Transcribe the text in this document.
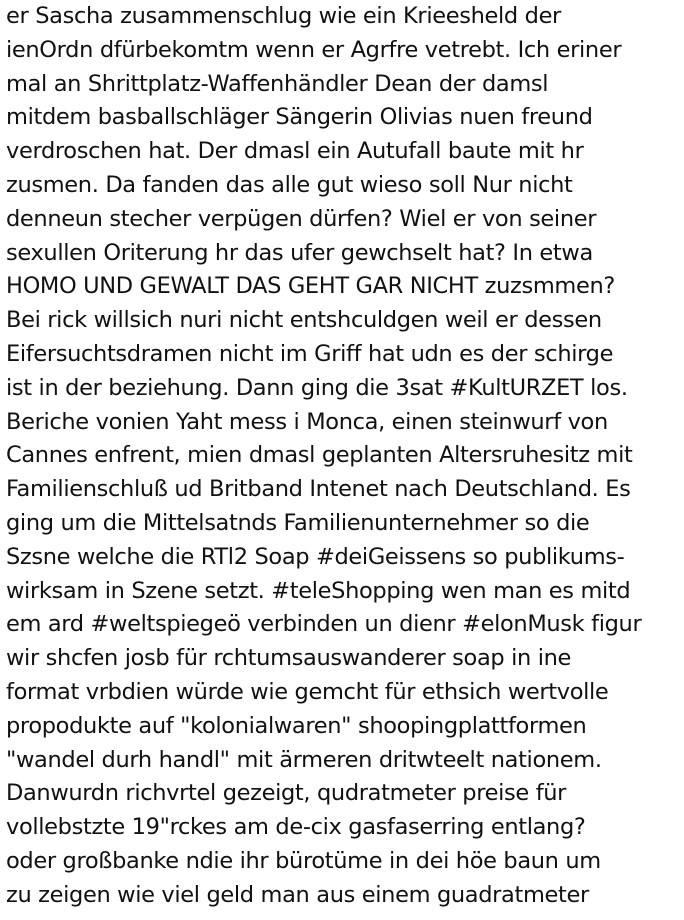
er Sascha zusammenschlug wie ein Krieesheld der
ienOrdn dfürbekomtm wenn er Agrfre vetrebt. Ich eriner
mal an Shrittplatz-Waffenhändler Dean der damsl
mitdem basballschläger Sängerin Olivias nuen freund
verdroschen hat. Der dmasl ein Autufall baute mit hr
zusmen. Da fanden das alle gut wieso soll Nur nicht
denneun stecher verpügen dürfen? Wiel er von seiner
sexullen Oriterung hr das ufer gewchselt hat? In etwa
HOMO UND GEWALT DAS GEHT GAR NICHT zuzsmmen?
Bei rick willsich nuri nicht entshculdgen weil er dessen
Eifersuchtsdramen nicht im Griff hat udn es der schirge
ist in der beziehung. Dann ging die 3sat #KultURZET los.
Beriche vonien Yaht mess i Monca, einen steinwurf von
Cannes enfrent, mien dmasl geplanten Altersruhesitz mit
Familienschluß ud Britband Intenet nach Deutschland. Es
ging um die Mittelsatnds Familienunternehmer so die
Szsne welche die RTl2 Soap #deiGeissens so publikums-
wirksam in Szene setzt. #teleShopping wen man es mitd
em ard #weltspiegeö verbinden un dienr #elonMusk figur
wir shcfen josb für rchtumsauswanderer soap in ine
format vrbdien würde wie gemcht für ethsich wertvolle
propodukte auf "kolonialwaren" shoopingplattformen
"wandel durh handl" mit ärmeren dritwteelt nationem.
Danwurdn richvrtel gezeigt, qudratmeter preise für
vollebstzte 19"rckes am de-cix gasfaserring entlang?
oder großbanke ndie ihr bürotüme in dei höe baun um
zu zeigen wie viel geld man aus einem guadratmeter
